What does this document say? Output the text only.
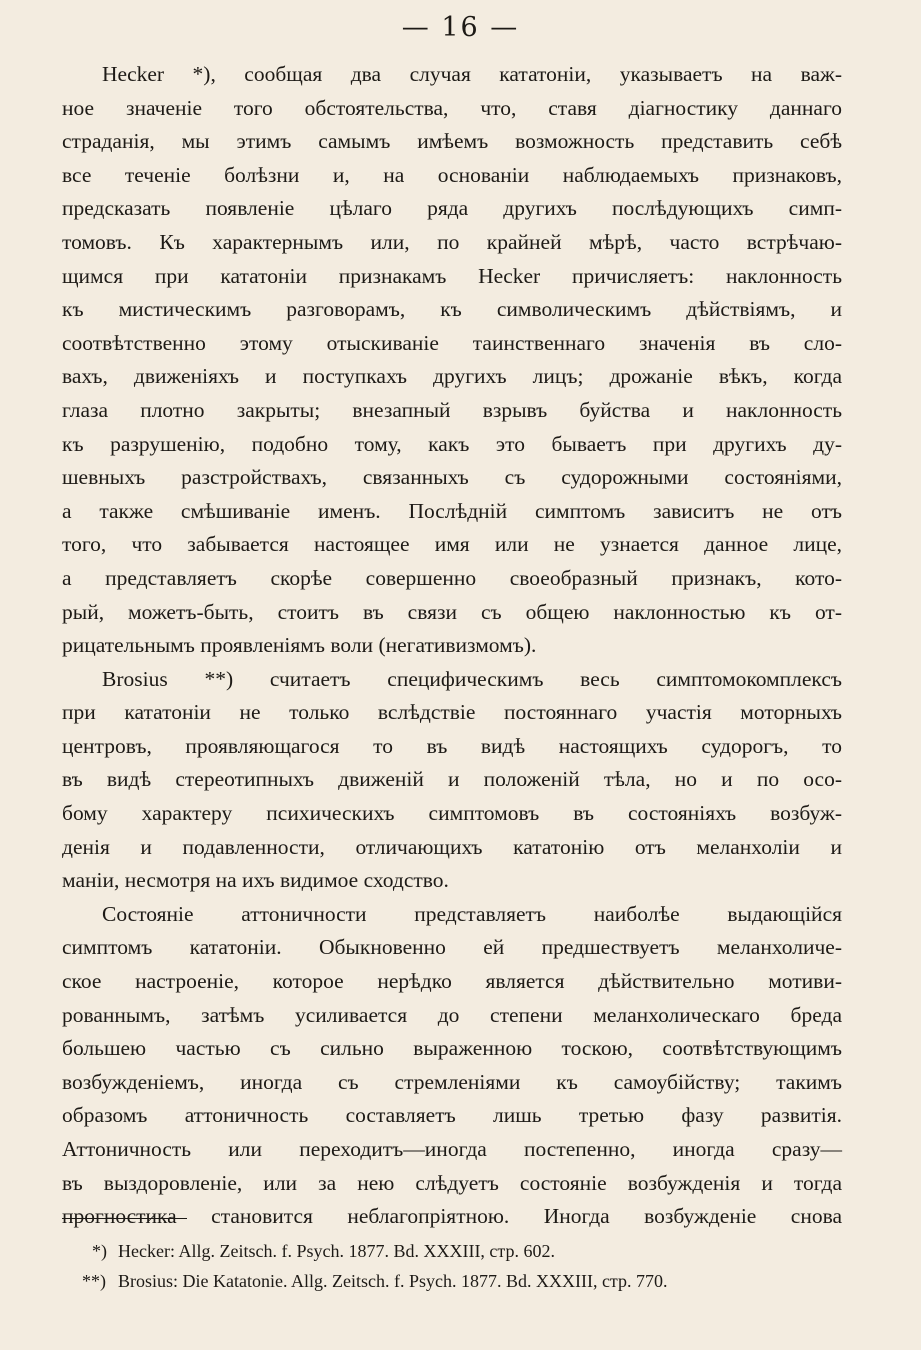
— 16 —
Hecker *), сообщая два случая кататоніи, указываетъ на важ-
ное значеніе того обстоятельства, что, ставя діагностику даннаго
страданія, мы этимъ самымъ имѣемъ возможность представить себѣ
все теченіе болѣзни и, на основаніи наблюдаемыхъ признаковъ,
предсказать появленіе цѣлаго ряда другихъ послѣдующихъ симп-
томовъ. Къ характернымъ или, по крайней мѣрѣ, часто встрѣчаю-
щимся при кататоніи признакамъ Hecker причисляетъ: наклонность
къ мистическимъ разговорамъ, къ символическимъ дѣйствіямъ, и
соотвѣтственно этому отыскиваніе таинственнаго значенія въ сло-
вахъ, движеніяхъ и поступкахъ другихъ лицъ; дрожаніе вѣкъ, когда
глаза плотно закрыты; внезапный взрывъ буйства и наклонность
къ разрушенію, подобно тому, какъ это бываетъ при другихъ ду-
шевныхъ разстройствахъ, связанныхъ съ судорожными состояніями,
а также смѣшиваніе именъ. Послѣдній симптомъ зависитъ не отъ
того, что забывается настоящее имя или не узнается данное лице,
а представляетъ скорѣе совершенно своеобразный признакъ, кото-
рый, можетъ-быть, стоитъ въ связи съ общею наклонностью къ от-
рицательнымъ проявленіямъ воли (негативизмомъ).
Brosius **) считаетъ специфическимъ весь симптомокомплексъ
при кататоніи не только вслѣдствіе постояннаго участія моторныхъ
центровъ, проявляющагося то въ видѣ настоящихъ судорогъ, то
въ видѣ стереотипныхъ движеній и положеній тѣла, но и по осо-
бому характеру психическихъ симптомовъ въ состояніяхъ возбуж-
денія и подавленности, отличающихъ кататонію отъ меланхоліи и
маніи, несмотря на ихъ видимое сходство.
Состояніе аттоничности представляетъ наиболѣе выдающійся
симптомъ кататоніи. Обыкновенно ей предшествуетъ меланхоличе-
ское настроеніе, которое нерѣдко является дѣйствительно мотиви-
рованнымъ, затѣмъ усиливается до степени меланхолическаго бреда
большею частью съ сильно выраженною тоскою, соотвѣтствующимъ
возбужденіемъ, иногда съ стремленіями къ самоубійству; такимъ
образомъ аттоничность составляетъ лишь третью фазу развитія.
Аттоничность или переходитъ—иногда постепенно, иногда сразу—
въ выздоровленіе, или за нею слѣдуетъ состояніе возбужденія и тогда
прогностика становится неблагопріятною. Иногда возбужденіе снова
*) Hecker: Allg. Zeitsch. f. Psych. 1877. Bd. XXXIII, стр. 602.
**) Brosius: Die Katatonie. Allg. Zeitsch. f. Psych. 1877. Bd. XXXIII, стр. 770.
